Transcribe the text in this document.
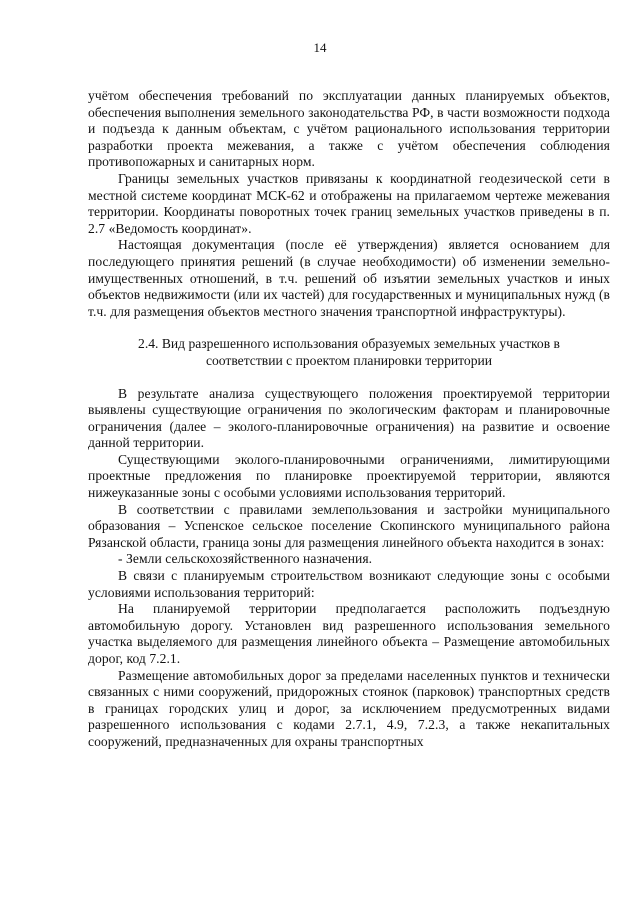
14

учётом обеспечения требований по эксплуатации данных планируемых объектов, обеспечения выполнения земельного законодательства РФ, в части возможности подхода и подъезда к данным объектам, с учётом рационального использования территории разработки проекта межевания, а также с учётом обеспечения соблюдения противопожарных и санитарных норм.

Границы земельных участков привязаны к координатной геодезической сети в местной системе координат МСК-62 и отображены на прилагаемом чертеже межевания территории. Координаты поворотных точек границ земельных участков приведены в п. 2.7 «Ведомость координат».

Настоящая документация (после её утверждения) является основанием для последующего принятия решений (в случае необходимости) об изменении земельно-имущественных отношений, в т.ч. решений об изъятии земельных участков и иных объектов недвижимости (или их частей) для государственных и муниципальных нужд (в т.ч. для размещения объектов местного значения транспортной инфраструктуры).

2.4. Вид разрешенного использования образуемых земельных участков в соответствии с проектом планировки территории

В результате анализа существующего положения проектируемой территории выявлены существующие ограничения по экологическим факторам и планировочные ограничения (далее – эколого-планировочные ограничения) на развитие и освоение данной территории.

Существующими эколого-планировочными ограничениями, лимитирующими проектные предложения по планировке проектируемой территории, являются нижеуказанные зоны с особыми условиями использования территорий.

В соответствии с правилами землепользования и застройки муниципального образования – Успенское сельское поселение Скопинского муниципального района Рязанской области, граница зоны для размещения линейного объекта находится в зонах:

- Земли сельскохозяйственного назначения.

В связи с планируемым строительством возникают следующие зоны с особыми условиями использования территорий:

На планируемой территории предполагается расположить подъездную автомобильную дорогу. Установлен вид разрешенного использования земельного участка выделяемого для размещения линейного объекта – Размещение автомобильных дорог, код 7.2.1.

Размещение автомобильных дорог за пределами населенных пунктов и технически связанных с ними сооружений, придорожных стоянок (парковок) транспортных средств в границах городских улиц и дорог, за исключением предусмотренных видами разрешенного использования с кодами 2.7.1, 4.9, 7.2.3, а также некапитальных сооружений, предназначенных для охраны транспортных
